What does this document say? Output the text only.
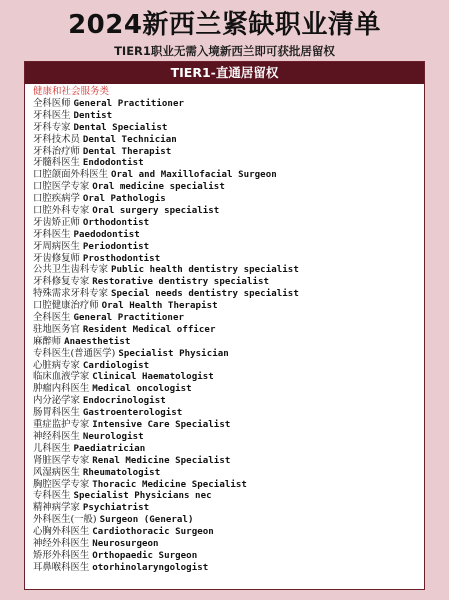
2024新西兰紧缺职业清单
TIER1职业无需入境新西兰即可获批居留权
TIER1-直通居留权
健康和社会服务类
全科医师 General Practitioner
牙科医生 Dentist
牙科专家 Dental Specialist
牙科技术员 Dental Technician
牙科治疗师 Dental Therapist
牙髓科医生 Endodontist
口腔颌面外科医生 Oral and Maxillofacial Surgeon
口腔医学专家 Oral medicine specialist
口腔疾病学 Oral Pathologis
口腔外科专家 Oral surgery specialist
牙齿矫正师 Orthodontist
牙科医生 Paedodontist
牙周病医生 Periodontist
牙齿修复师 Prosthodontist
公共卫生齿科专家 Public health dentistry specialist
牙科修复专家 Restorative dentistry specialist
特殊需求牙科专家 Special needs dentistry specialist
口腔健康治疗师 Oral Health Therapist
全科医生 General Practitioner
驻地医务官 Resident Medical officer
麻醉师 Anaesthetist
专科医生(普通医学) Specialist Physician
心脏病专家 Cardiologist
临床血液学家 Clinical Haematologist
肿瘤内科医生 Medical oncologist
内分泌学家 Endocrinologist
肠胃科医生 Gastroenterologist
重症监护专家 Intensive Care Specialist
神经科医生 Neurologist
儿科医生 Paediatrician
肾脏医学专家 Renal Medicine Specialist
风湿病医生 Rheumatologist
胸腔医学专家 Thoracic Medicine Specialist
专科医生 Specialist Physicians nec
精神病学家 Psychiatrist
外科医生(一般) Surgeon (General)
心胸外科医生 Cardiothoracic Surgeon
神经外科医生 Neurosurgeon
矫形外科医生 Orthopaedic Surgeon
耳鼻喉科医生 otorhinolaryngologist
